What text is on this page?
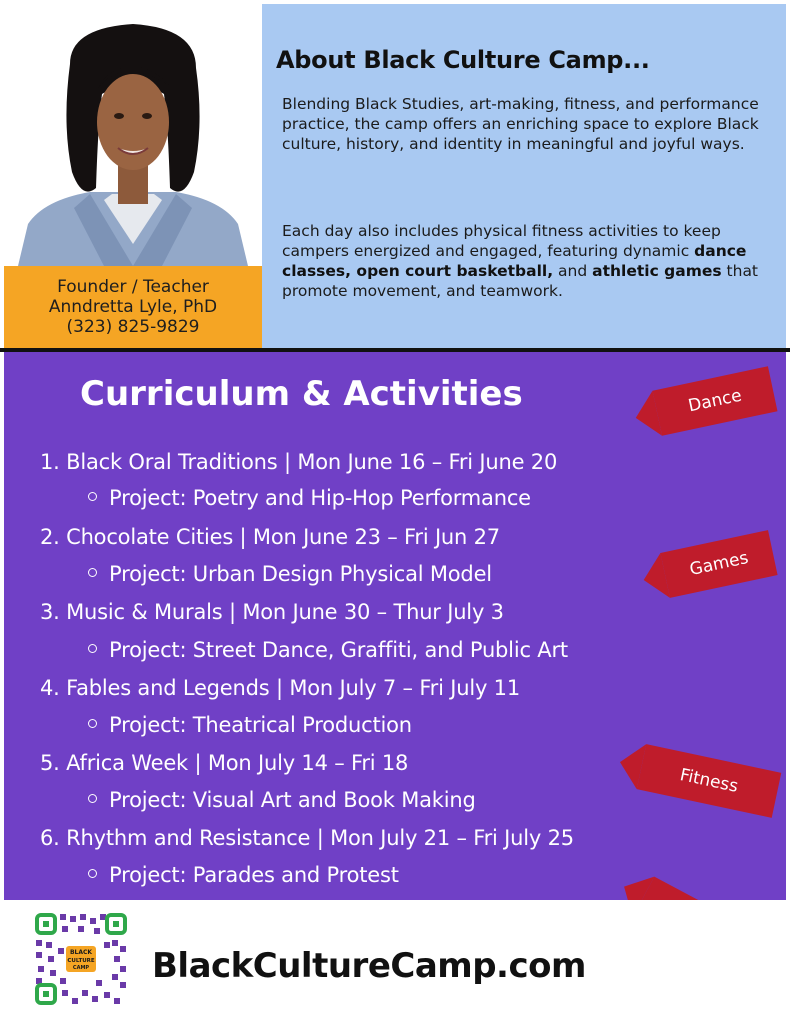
Founder / Teacher
Anndretta Lyle, PhD
(323) 825-9829
About Black Culture Camp...

Blending Black Studies, art-making, fitness, and performance practice, the camp offers an enriching space to explore Black culture, history, and identity in meaningful and joyful ways.

Each day also includes physical fitness activities to keep campers energized and engaged, featuring dynamic dance classes, open court basketball, and athletic games that promote movement, and teamwork.

Curriculum & Activities
1. Black Oral Traditions | Mon June 16 – Fri June 20
Project: Poetry and Hip-Hop Performance
2. Chocolate Cities | Mon June 23 – Fri Jun 27
Project: Urban Design Physical Model
3. Music & Murals | Mon June 30 – Thur July 3
Project: Street Dance, Graffiti, and Public Art
4. Fables and Legends | Mon July 7 – Fri July 11
Project: Theatrical Production
5. Africa Week | Mon July 14 – Fri 18
Project: Visual Art and Book Making
6. Rhythm and Resistance | Mon July 21 – Fri July 25
Project: Parades and Protest
Dance
Games
Fitness
BLACK
CULTURE
CAMP BlackCultureCamp.com
